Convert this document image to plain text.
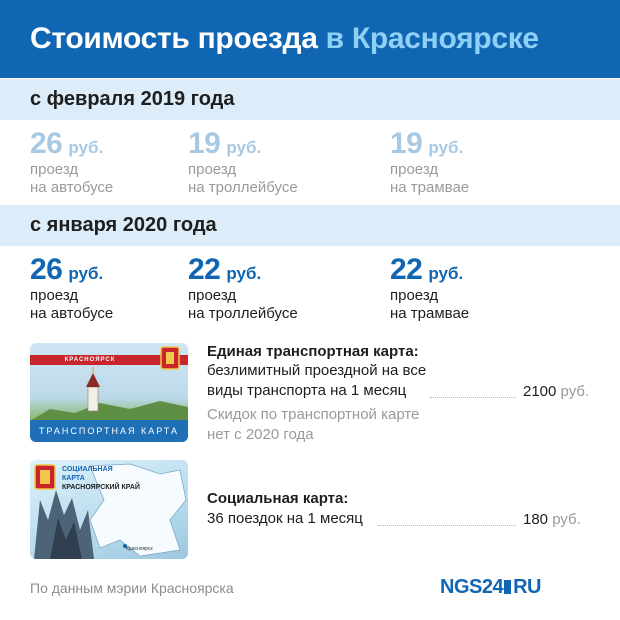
Стоимость проезда в Красноярске
с февраля 2019 года
26 руб.
проезд
на автобусе
19 руб.
проезд
на троллейбусе
19 руб.
проезд
на трамвае
с января 2020 года
26 руб.
проезд
на автобусе
22 руб.
проезд
на троллейбусе
22 руб.
проезд
на трамвае
КРАСНОЯРСК
ТРАНСПОРТНАЯ КАРТА
Единая транспортная карта:
безлимитный проездной на все
виды транспорта на 1 месяц	2100 руб.
Скидок по транспортной карте
нет с 2020 года
СОЦИАЛЬНАЯ
КАРТА
КРАСНОЯРСКИЙ КРАЙ
Красноярск
Социальная карта:
36 поездок на 1 месяц	180 руб.
По данным мэрии Красноярска	NGS24 RU
